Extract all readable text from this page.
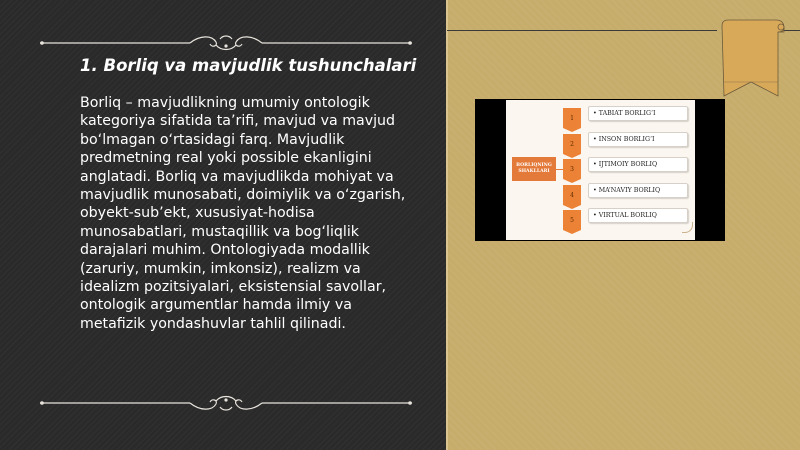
1. Borliq va mavjudlik tushunchalari

Borliq – mavjudlikning umumiy ontologik kategoriya sifatida ta’rifi, mavjud va mavjud bo‘lmagan o‘rtasidagi farq. Mavjudlik predmetning real yoki possible ekanligini anglatadi. Borliq va mavjudlikda mohiyat va mavjudlik munosabati, doimiylik va o‘zgarish, obyekt-sub’ekt, xususiyat-hodisa munosabatlari, mustaqillik va bog‘liqlik darajalari muhim. Ontologiyada modallik (zaruriy, mumkin, imkonsiz), realizm va idealizm pozitsiyalari, eksistensial savollar, ontologik argumentlar hamda ilmiy va metafizik yondashuvlar tahlil qilinadi.

BORLIQNING SHAKLLARI
1
2
3
4
5
• TABIAT BORLIG‘I
• INSON BORLIG‘I
• IJTIMOIY BORLIQ
• MA’NAVIY BORLIQ
• VIRTUAL BORLIQ
